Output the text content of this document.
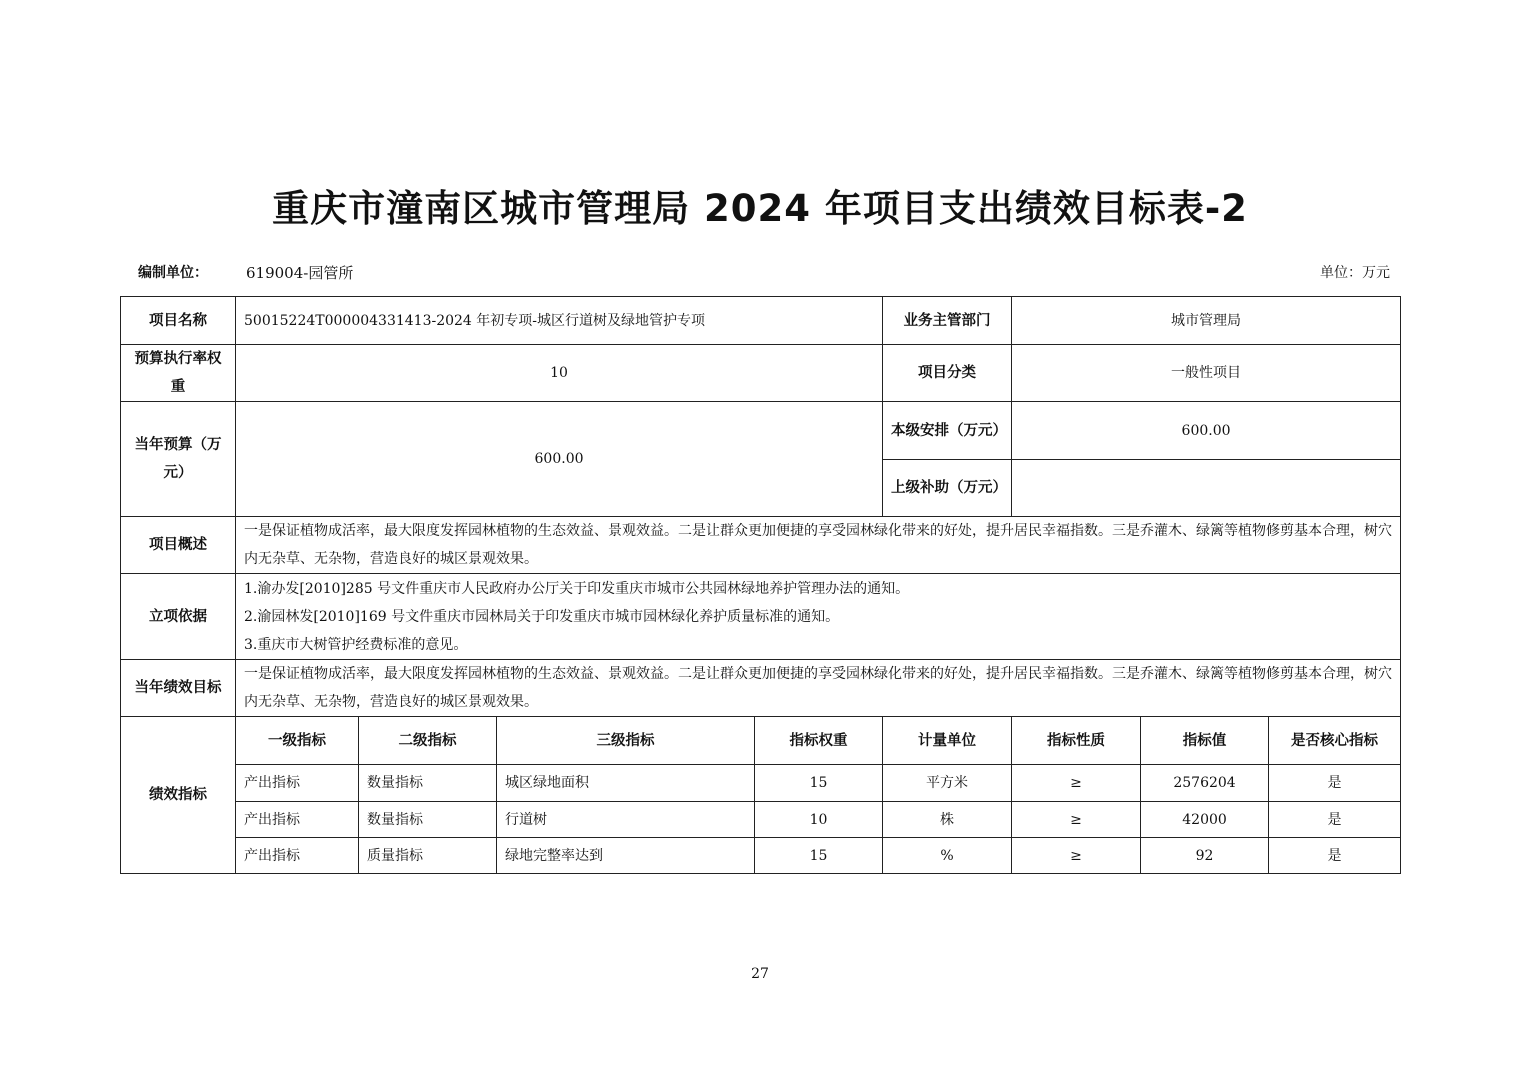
重庆市潼南区城市管理局 2024 年项目支出绩效目标表-2
编制单位：	619004-园管所	单位：万元
项目名称	50015224T000004331413-2024 年初专项-城区行道树及绿地管护专项				业务主管部门	城市管理局		
预算执行率权重	10				项目分类	一般性项目		
当年预算（万元）	600.00				本级安排（万元）	600.00		
					上级补助（万元）			
项目概述	一是保证植物成活率，最大限度发挥园林植物的生态效益、景观效益。二是让群众更加便捷的享受园林绿化带来的好处，提升居民幸福指数。三是乔灌木、绿篱等植物修剪基本合理，树穴内无杂草、无杂物，营造良好的城区景观效果。							
立项依据	1.渝办发[2010]285 号文件重庆市人民政府办公厅关于印发重庆市城市公共园林绿地养护管理办法的通知。
2.渝园林发[2010]169 号文件重庆市园林局关于印发重庆市城市园林绿化养护质量标准的通知。
3.重庆市大树管护经费标准的意见。							

当年绩效目标	一是保证植物成活率，最大限度发挥园林植物的生态效益、景观效益。二是让群众更加便捷的享受园林绿化带来的好处，提升居民幸福指数。三是乔灌木、绿篱等植物修剪基本合理，树穴内无杂草、无杂物，营造良好的城区景观效果。							
绩效指标	一级指标	二级指标	三级指标	指标权重	计量单位	指标性质	指标值	是否核心指标
	产出指标	数量指标	城区绿地面积	15	平方米	≥	2576204	是
	产出指标	数量指标	行道树	10	株	≥	42000	是
	产出指标	质量指标	绿地完整率达到	15	%	≥	92	是
27
